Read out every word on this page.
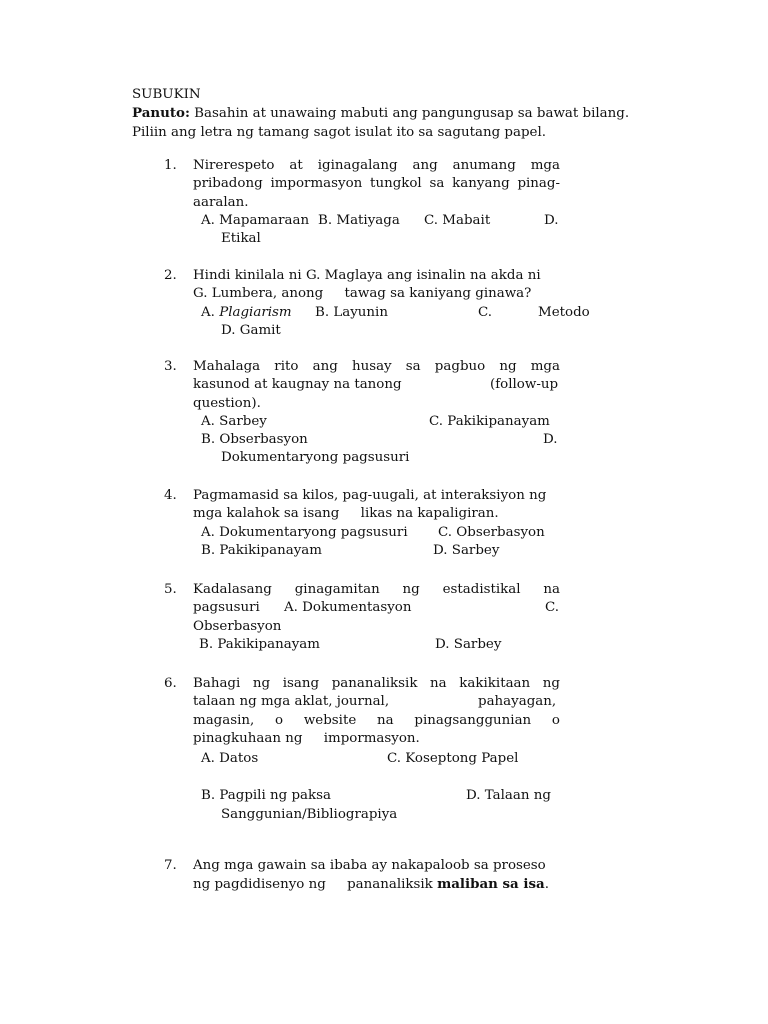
SUBUKIN

Panuto: Basahin at unawaing mabuti ang pangungusap sa bawat bilang.

Piliin ang letra ng tamang sagot isulat ito sa sagutang papel.

1.	Nirerespeto at iginagalang ang anumang mga
pribadong impormasyon tungkol sa kanyang pinag-
aaralan.
A. Mapamaraan B. Matiyaga C. Mabait	D.
Etikal
2.	Hindi kinilala ni G. Maglaya ang isinalin na akda ni
G. Lumbera, anong     tawag sa kaniyang ginawa?
A. Plagiarism B. Layunin	C.	Metodo
D. Gamit
3.	Mahalaga rito ang husay sa pagbuo ng mga
kasunod at kaugnay na tanong	(follow-up
question).
A. Sarbey	C. Pakikipanayam
B. Obserbasyon	D.
Dokumentaryong pagsusuri
4.	Pagmamasid sa kilos, pag-uugali, at interaksiyon ng
mga kalahok sa isang     likas na kapaligiran.
A. Dokumentaryong pagsusuri C. Obserbasyon
B. Pakikipanayam	D. Sarbey
5.	Kadalasang ginagamitan ng estadistikal na
pagsusuri A. Dokumentasyon	C.
Obserbasyon
B. Pakikipanayam	D. Sarbey
6.	Bahagi ng isang pananaliksik na kakikitaan ng
talaan ng mga aklat, journal,	pahayagan,
magasin, o website na pinagsanggunian o
pinagkuhaan ng     impormasyon.
A. Datos	C. Koseptong Papel
B. Pagpili ng paksa	D. Talaan ng
Sanggunian/Bibliograpiya
7.	Ang mga gawain sa ibaba ay nakapaloob sa proseso
ng pagdidisenyo ng     pananaliksik maliban sa isa.
